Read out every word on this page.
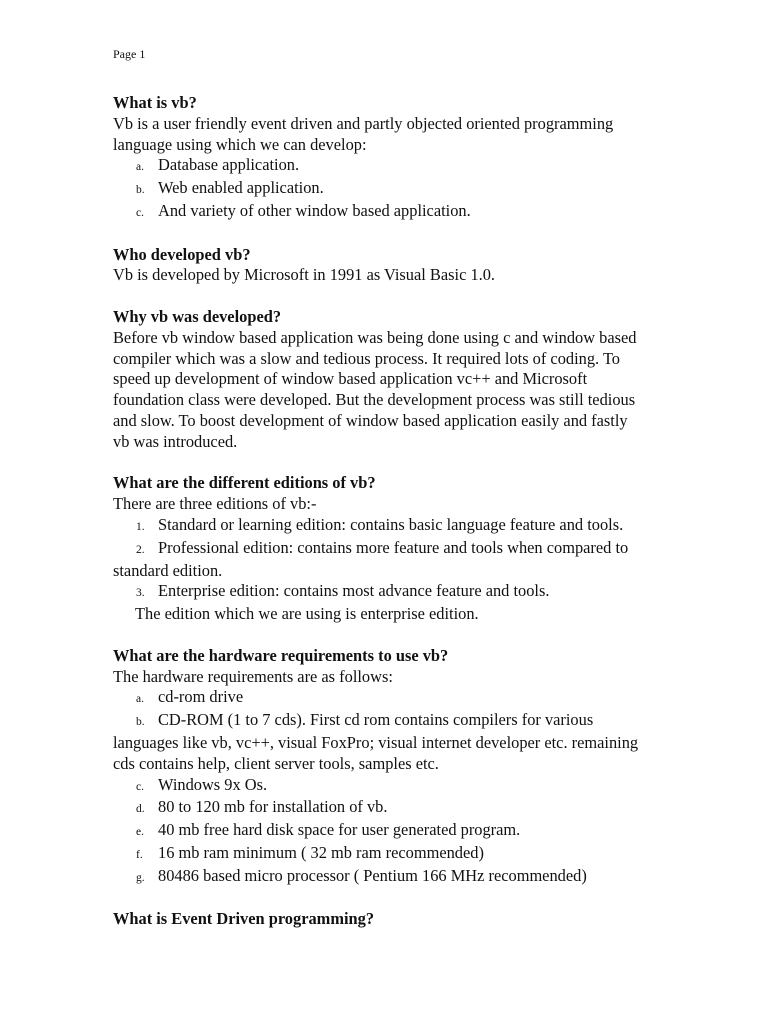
Page 1

What is vb?

Vb is a user friendly event driven and partly objected oriented programming language using which we can develop:

a. Database application.
b. Web enabled application.
c. And variety of other window based application.

Who developed vb?

Vb is developed by Microsoft in 1991 as Visual Basic 1.0.

Why vb was developed?

Before vb window based application was being done using c and window based compiler which was a slow and tedious process. It required lots of coding. To speed up development of window based application vc++ and Microsoft foundation class were developed. But the development process was still tedious and slow. To boost development of window based application easily and fastly vb was introduced.

What are the different editions of vb?

There are three editions of vb:-

1. Standard or learning edition: contains basic language feature and tools.
2. Professional edition: contains more feature and tools when compared to standard edition.
3. Enterprise edition: contains most advance feature and tools.

The edition which we are using is enterprise edition.

What are the hardware requirements to use vb?

The hardware requirements are as follows:

a. cd-rom drive
b. CD-ROM (1 to 7 cds). First cd rom contains compilers for various languages like vb, vc++, visual FoxPro; visual internet developer etc. remaining cds contains help, client server tools, samples etc.
c. Windows 9x Os.
d. 80 to 120 mb for installation of vb.
e. 40 mb free hard disk space for user generated program.
f. 16 mb ram minimum ( 32 mb ram recommended)
g. 80486 based micro processor ( Pentium 166 MHz recommended)

What is Event Driven programming?
